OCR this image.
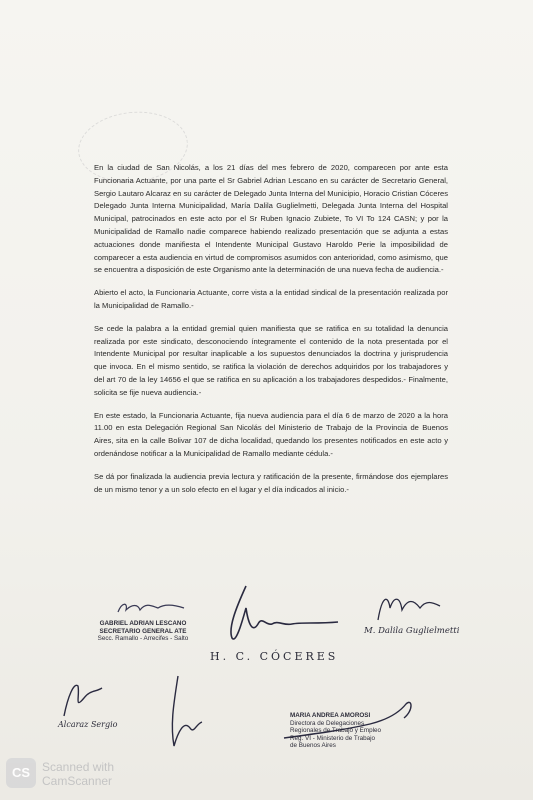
En la ciudad de San Nicolás, a los 21 días del mes febrero de 2020, comparecen por ante esta Funcionaria Actuante, por una parte el Sr Gabriel Adrian Lescano en su carácter de Secretario General, Sergio Lautaro Alcaraz en su carácter de Delegado Junta Interna del Municipio, Horacio Cristian Cóceres Delegado Junta Interna Municipalidad, María Dalila Guglielmetti, Delegada Junta Interna del Hospital Municipal, patrocinados en este acto por el Sr Ruben Ignacio Zubiete, To VI To 124 CASN; y por la Municipalidad de Ramallo nadie comparece habiendo realizado presentación que se adjunta a estas actuaciones donde manifiesta el Intendente Municipal Gustavo Haroldo Perie la imposibilidad de comparecer a esta audiencia en virtud de compromisos asumidos con anterioridad, como asimismo, que se encuentra a disposición de este Organismo ante la determinación de una nueva fecha de audiencia.-

Abierto el acto, la Funcionaria Actuante, corre vista a la entidad sindical de la presentación realizada por la Municipalidad de Ramallo.-

Se cede la palabra a la entidad gremial quien manifiesta que se ratifica en su totalidad la denuncia realizada por este sindicato, desconociendo íntegramente el contenido de la nota presentada por el Intendente Municipal por resultar inaplicable a los supuestos denunciados la doctrina y jurisprudencia que invoca. En el mismo sentido, se ratifica la violación de derechos adquiridos por los trabajadores y del art 70 de la ley 14656 el que se ratifica en su aplicación a los trabajadores despedidos.- Finalmente, solicita se fije nueva audiencia.-

En este estado, la Funcionaria Actuante, fija nueva audiencia para el día 6 de marzo de 2020 a la hora 11.00 en esta Delegación Regional San Nicolás del Ministerio de Trabajo de la Provincia de Buenos Aires, sita en la calle Bolivar 107 de dicha localidad, quedando los presentes notificados en este acto y ordenándose notificar a la Municipalidad de Ramallo mediante cédula.-

Se dá por finalizada la audiencia previa lectura y ratificación de la presente, firmándose dos ejemplares de un mismo tenor y a un solo efecto en el lugar y el día indicados al inicio.-

GABRIEL ADRIAN LESCANO
SECRETARIO GENERAL ATE
Secc. Ramallo - Arrecifes - Salto
H. C. CÓCERES
M. Dalila Guglielmetti
Alcaraz Sergio
MARIA ANDREA AMOROSI
Directora de Delegaciones
Regionales de Trabajo y Empleo
Reg. VI - Ministerio de Trabajo
de Buenos Aires
CS Scanned with
CamScanner
